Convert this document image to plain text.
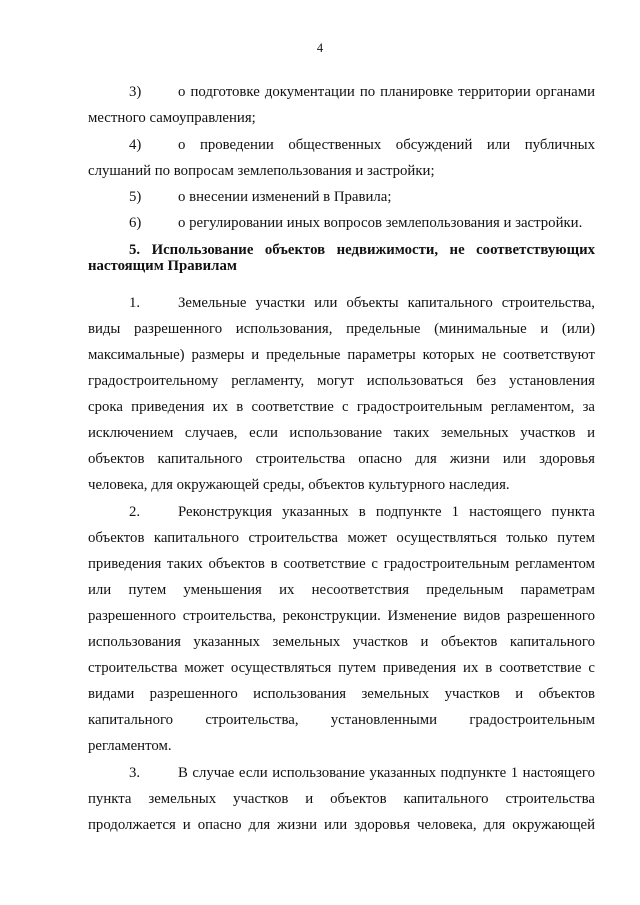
4
3) о подготовке документации по планировке территории органами
местного самоуправления;
4) о проведении общественных обсуждений или публичных
слушаний по вопросам землепользования и застройки;
5) о внесении изменений в Правила;
6) о регулировании иных вопросов землепользования и застройки.
5. Использование объектов недвижимости, не соответствующих
настоящим Правилам
1.	Земельные участки или объекты капитального строительства,
виды разрешенного использования, предельные (минимальные и (или)
максимальные) размеры и предельные параметры которых не соответствуют
градостроительному регламенту, могут использоваться без установления
срока приведения их в соответствие с градостроительным регламентом, за
исключением случаев, если использование таких земельных участков и
объектов капитального строительства опасно для жизни или здоровья
человека, для окружающей среды, объектов культурного наследия.
2.	Реконструкция указанных в подпункте 1 настоящего пункта
объектов капитального строительства может осуществляться только путем
приведения таких объектов в соответствие с градостроительным регламентом
или путем уменьшения их несоответствия предельным параметрам
разрешенного строительства, реконструкции. Изменение видов разрешенного
использования указанных земельных участков и объектов капитального
строительства может осуществляться путем приведения их в соответствие с
видами разрешенного использования земельных участков и объектов
капитального строительства, установленными градостроительным
регламентом.
3.	В случае если использование указанных подпункте 1 настоящего
пункта земельных участков и объектов капитального строительства
продолжается и опасно для жизни или здоровья человека, для окружающей
